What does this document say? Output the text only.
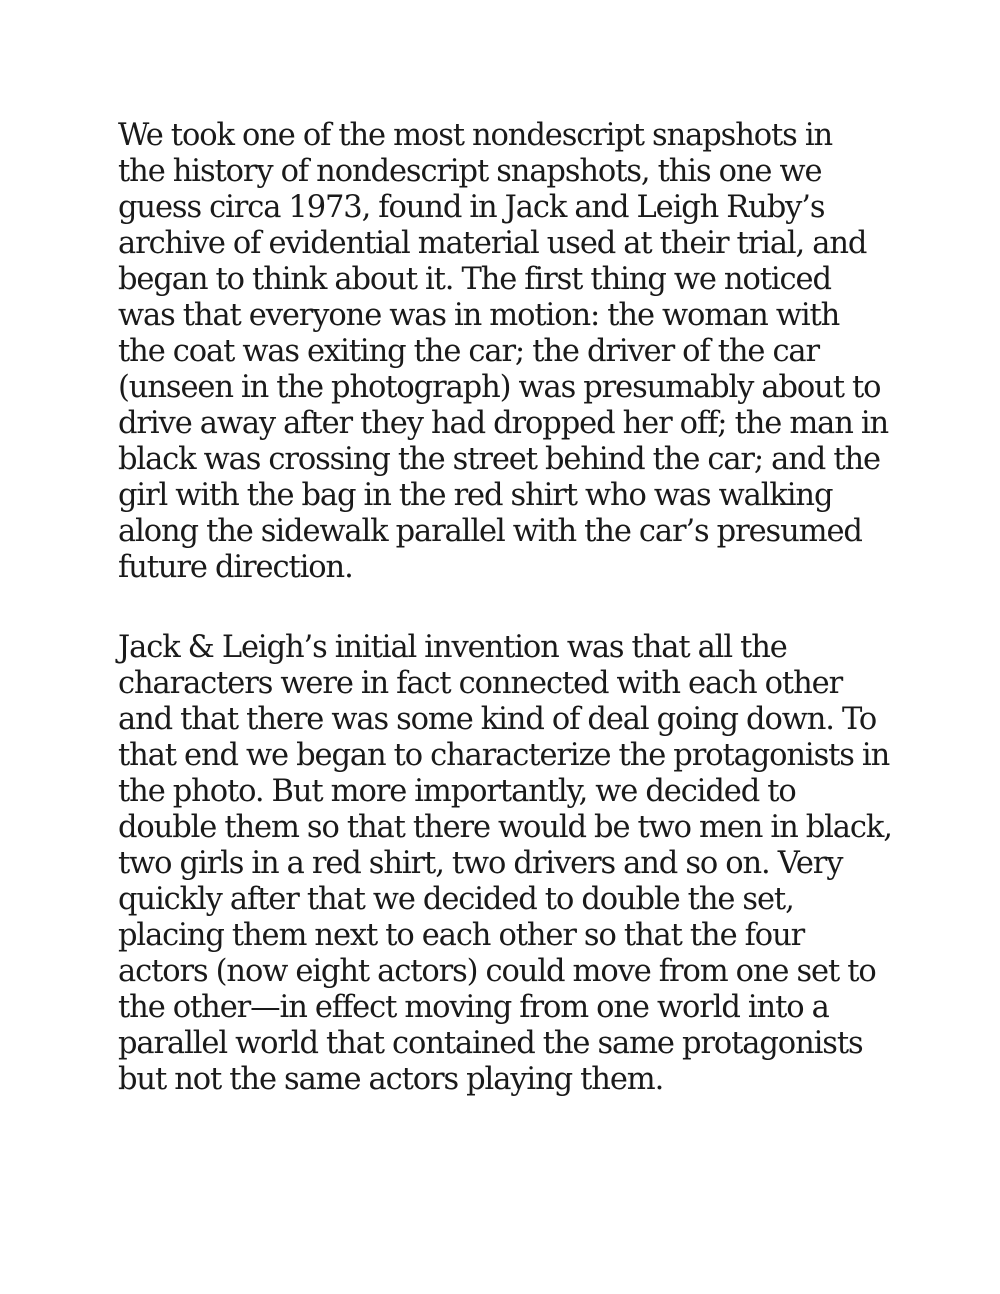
We took one of the most nondescript snapshots in
the history of nondescript snapshots, this one we
guess circa 1973, found in Jack and Leigh Ruby’s
archive of evidential material used at their trial, and
began to think about it. The first thing we noticed
was that everyone was in motion: the woman with
the coat was exiting the car; the driver of the car
(unseen in the photograph) was presumably about to
drive away after they had dropped her off; the man in
black was crossing the street behind the car; and the
girl with the bag in the red shirt who was walking
along the sidewalk parallel with the car’s presumed
future direction.
Jack & Leigh’s initial invention was that all the
characters were in fact connected with each other
and that there was some kind of deal going down. To
that end we began to characterize the protagonists in
the photo. But more importantly, we decided to
double them so that there would be two men in black,
two girls in a red shirt, two drivers and so on. Very
quickly after that we decided to double the set,
placing them next to each other so that the four
actors (now eight actors) could move from one set to
the other—in effect moving from one world into a
parallel world that contained the same protagonists
but not the same actors playing them.
